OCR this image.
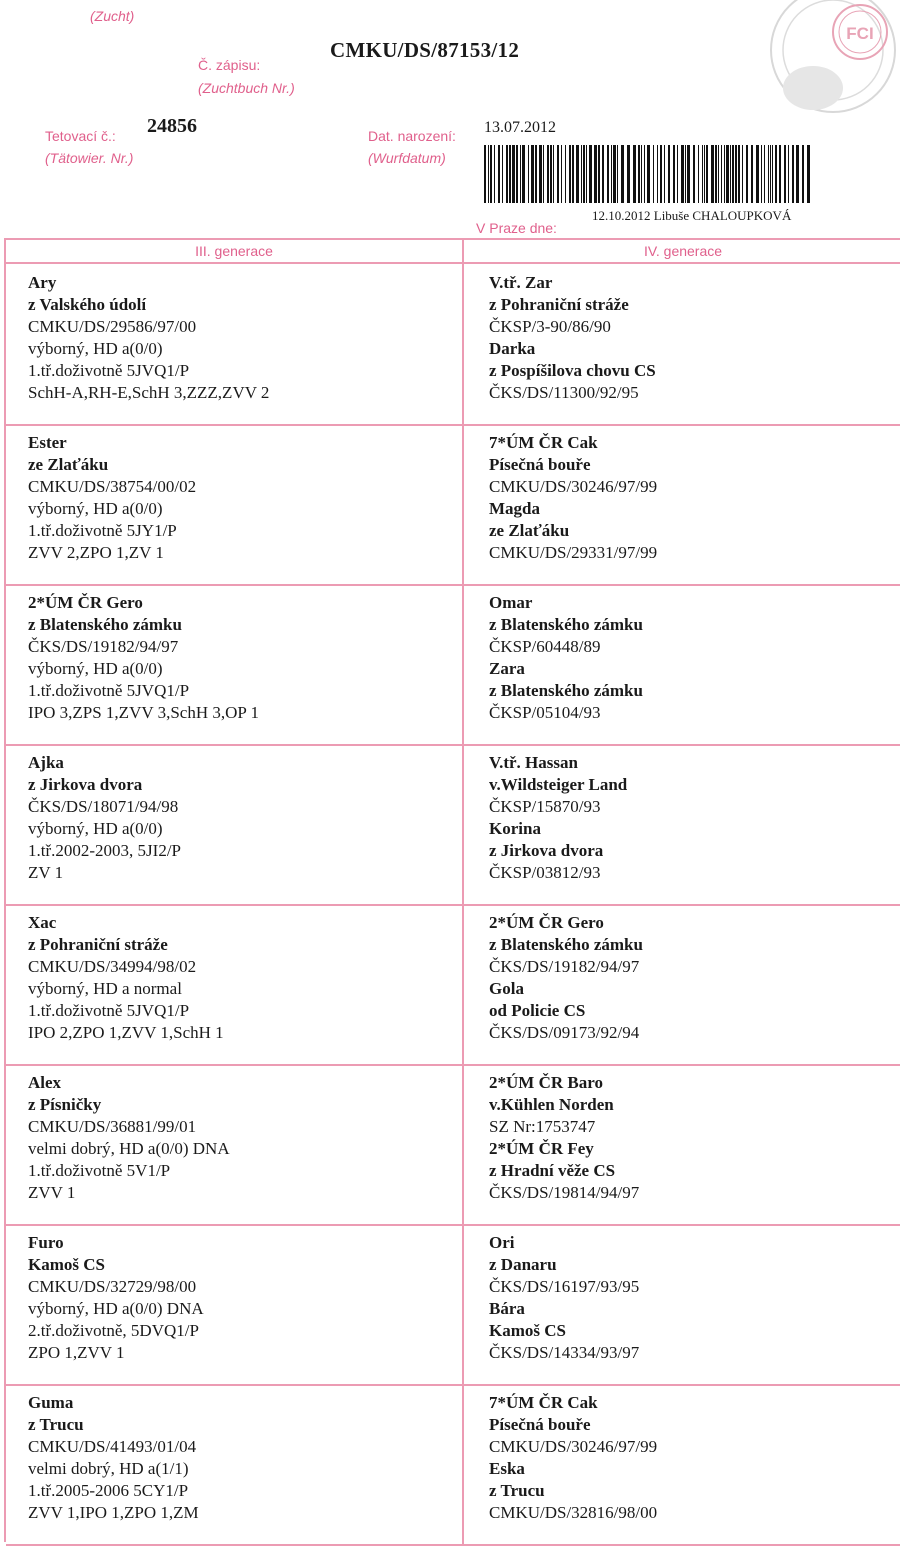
(Zucht)
Č. zápisu:
(Zuchtbuch Nr.)
CMKU/DS/87153/12
Tetovací č.:
(Tätowier. Nr.)
24856	Dat. narození:
(Wurfdatum)
13.07.2012
12.10.2012 Libuše CHALOUPKOVÁ
V Praze dne:
FCI
III. generace	IV. generace
Ary
z Valského údolí
CMKU/DS/29586/97/00
výborný, HD a(0/0)
1.tř.doživotně 5JVQ1/P
SchH-A,RH-E,SchH 3,ZZZ,ZVV 2
V.tř. Zar
z Pohraniční stráže
ČKSP/3-90/86/90
Darka
z Pospíšilova chovu CS
ČKS/DS/11300/92/95
Ester
ze Zlaťáku
CMKU/DS/38754/00/02
výborný, HD a(0/0)
1.tř.doživotně 5JY1/P
ZVV 2,ZPO 1,ZV 1
7*ÚM ČR Cak
Písečná bouře
CMKU/DS/30246/97/99
Magda
ze Zlaťáku
CMKU/DS/29331/97/99
2*ÚM ČR Gero
z Blatenského zámku
ČKS/DS/19182/94/97
výborný, HD a(0/0)
1.tř.doživotně 5JVQ1/P
IPO 3,ZPS 1,ZVV 3,SchH 3,OP 1
Omar
z Blatenského zámku
ČKSP/60448/89
Zara
z Blatenského zámku
ČKSP/05104/93
Ajka
z Jirkova dvora
ČKS/DS/18071/94/98
výborný, HD a(0/0)
1.tř.2002-2003, 5JI2/P
ZV 1
V.tř. Hassan
v.Wildsteiger Land
ČKSP/15870/93
Korina
z Jirkova dvora
ČKSP/03812/93
Xac
z Pohraniční stráže
CMKU/DS/34994/98/02
výborný, HD a normal
1.tř.doživotně 5JVQ1/P
IPO 2,ZPO 1,ZVV 1,SchH 1
2*ÚM ČR Gero
z Blatenského zámku
ČKS/DS/19182/94/97
Gola
od Policie CS
ČKS/DS/09173/92/94
Alex
z Písničky
CMKU/DS/36881/99/01
velmi dobrý, HD a(0/0) DNA
1.tř.doživotně 5V1/P
ZVV 1
2*ÚM ČR Baro
v.Kühlen Norden
SZ Nr:1753747
2*ÚM ČR Fey
z Hradní věže CS
ČKS/DS/19814/94/97
Furo
Kamoš CS
CMKU/DS/32729/98/00
výborný, HD a(0/0) DNA
2.tř.doživotně, 5DVQ1/P
ZPO 1,ZVV 1
Ori
z Danaru
ČKS/DS/16197/93/95
Bára
Kamoš CS
ČKS/DS/14334/93/97
Guma
z Trucu
CMKU/DS/41493/01/04
velmi dobrý, HD a(1/1)
1.tř.2005-2006 5CY1/P
ZVV 1,IPO 1,ZPO 1,ZM
7*ÚM ČR Cak
Písečná bouře
CMKU/DS/30246/97/99
Eska
z Trucu
CMKU/DS/32816/98/00
